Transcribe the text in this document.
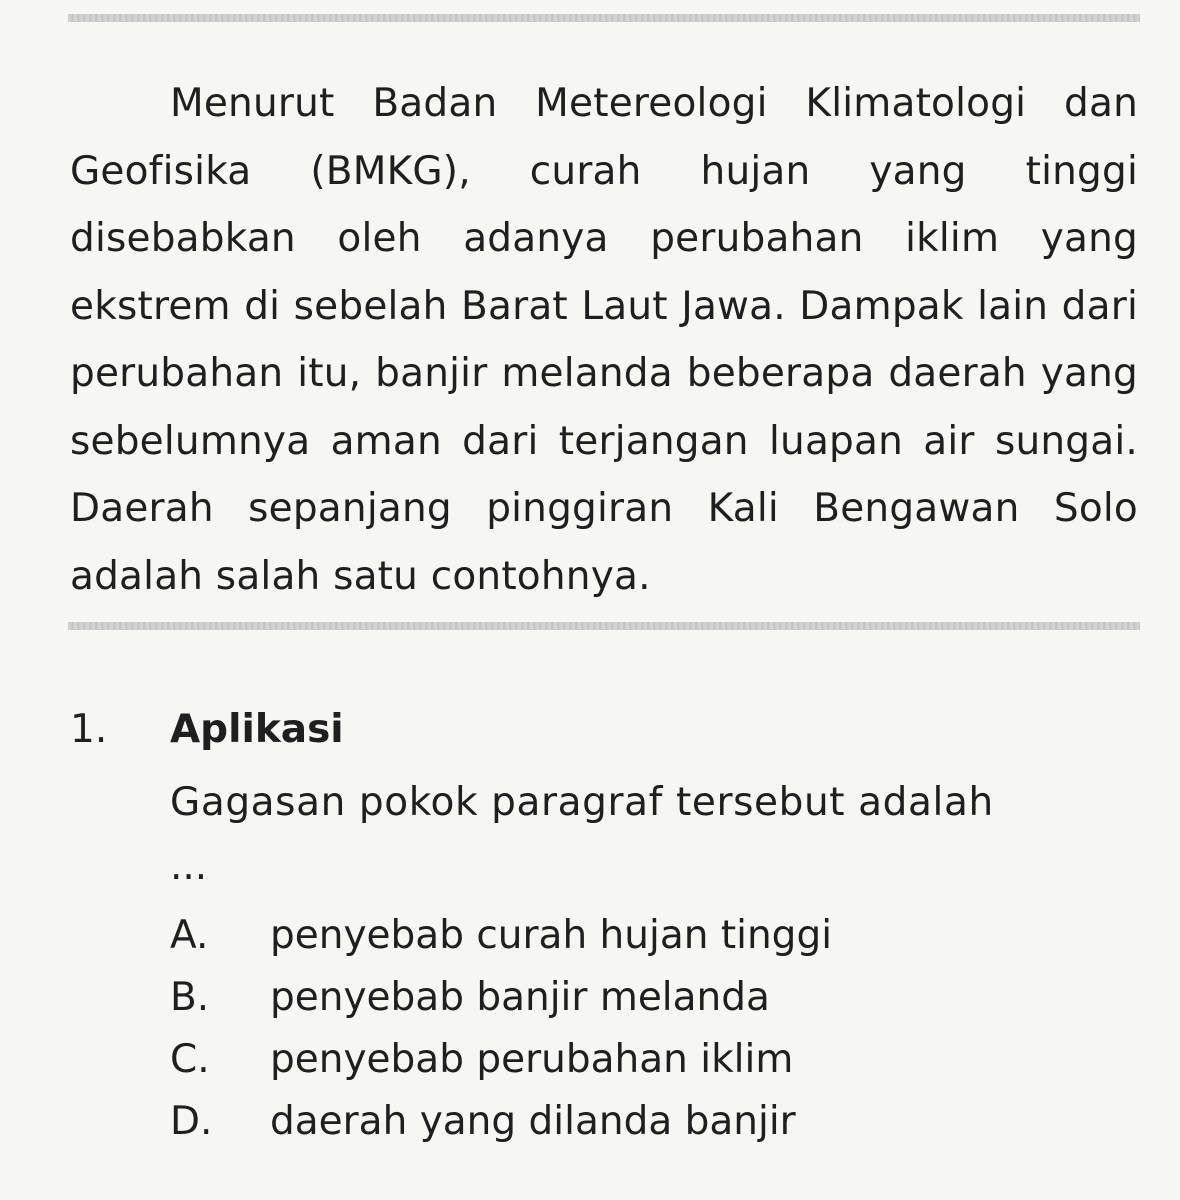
Menurut Badan Metereologi Klimatologi dan Geofisika (BMKG), curah hujan yang tinggi disebabkan oleh adanya perubahan iklim yang ekstrem di sebelah Barat Laut Jawa. Dampak lain dari perubahan itu, banjir melanda beberapa daerah yang sebelumnya aman dari terjangan luapan air sungai. Daerah sepanjang pinggiran Kali Bengawan Solo adalah salah satu contohnya.

1. Aplikasi
Gagasan pokok paragraf tersebut adalah
...
A. penyebab curah hujan tinggi
B. penyebab banjir melanda
C. penyebab perubahan iklim
D. daerah yang dilanda banjir
